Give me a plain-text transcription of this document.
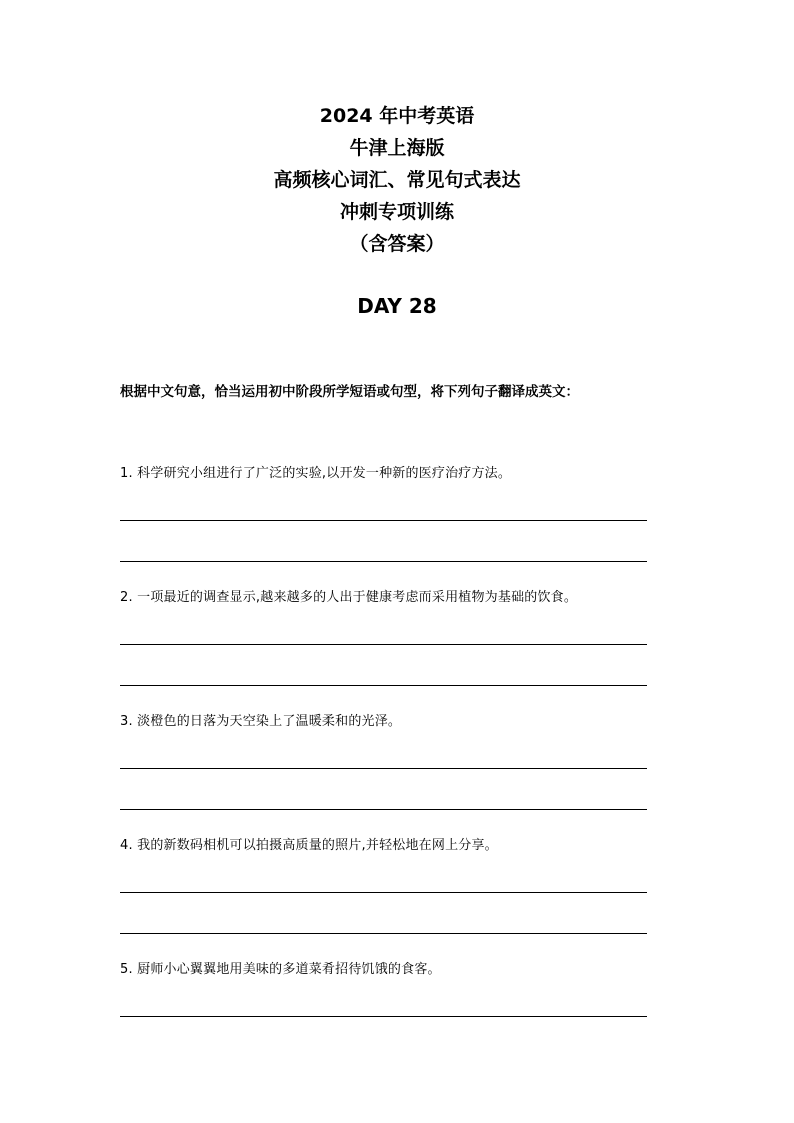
2024 年中考英语
牛津上海版
高频核心词汇、常见句式表达
冲刺专项训练
（含答案）
DAY 28
根据中文句意，恰当运用初中阶段所学短语或句型，将下列句子翻译成英文：
1. 科学研究小组进行了广泛的实验,以开发一种新的医疗治疗方法。
2. 一项最近的调查显示,越来越多的人出于健康考虑而采用植物为基础的饮食。
3. 淡橙色的日落为天空染上了温暖柔和的光泽。
4. 我的新数码相机可以拍摄高质量的照片,并轻松地在网上分享。
5. 厨师小心翼翼地用美味的多道菜肴招待饥饿的食客。
